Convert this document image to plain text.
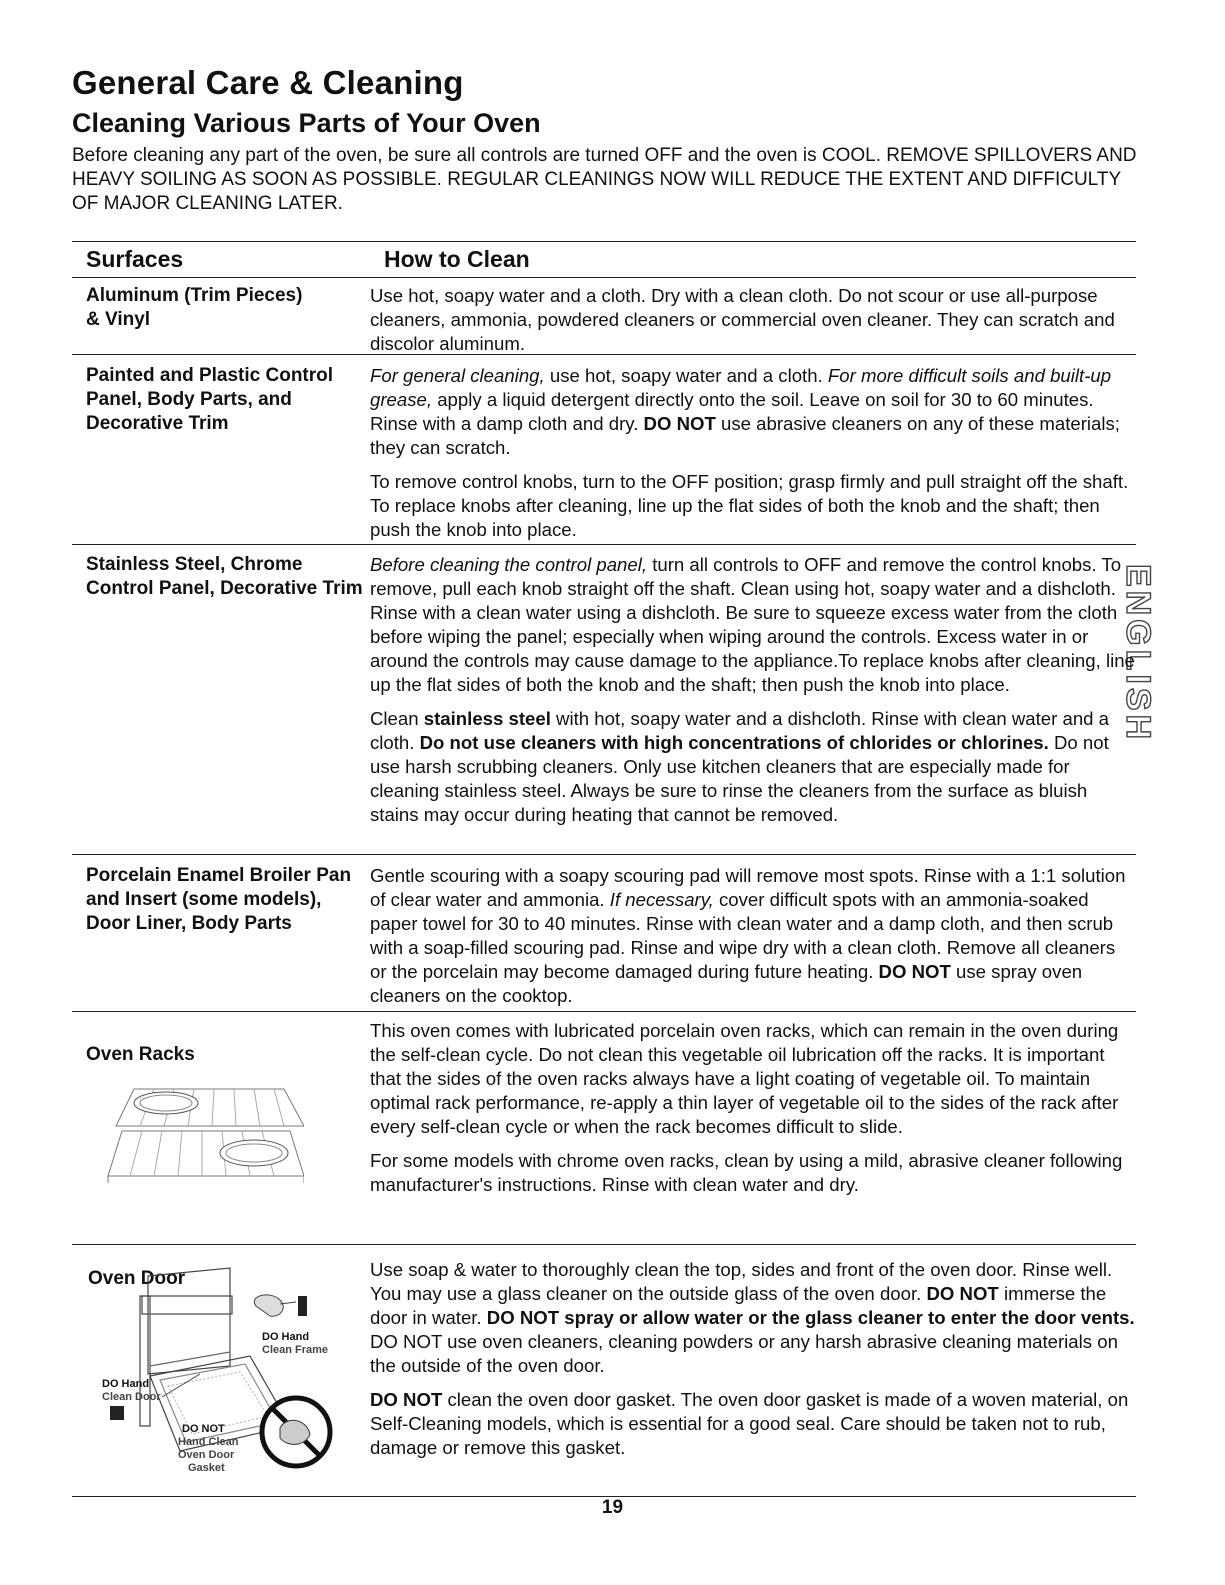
General Care & Cleaning
Cleaning Various Parts of Your Oven

Before cleaning any part of the oven, be sure all controls are turned OFF and the oven is COOL. REMOVE SPILLOVERS AND HEAVY SOILING AS SOON AS POSSIBLE. REGULAR CLEANINGS NOW WILL REDUCE THE EXTENT AND DIFFICULTY OF MAJOR CLEANING LATER.

ENGLISH
Surfaces	How to Clean
Aluminum (Trim Pieces)
& Vinyl

Use hot, soapy water and a cloth. Dry with a clean cloth. Do not scour or use all-purpose cleaners, ammonia, powdered cleaners or commercial oven cleaner. They can scratch and discolor aluminum.

Painted and Plastic Control Panel, Body Parts, and Decorative Trim

For general cleaning, use hot, soapy water and a cloth. For more difficult soils and built-up grease, apply a liquid detergent directly onto the soil. Leave on soil for 30 to 60 minutes. Rinse with a damp cloth and dry. DO NOT use abrasive cleaners on any of these materials; they can scratch.

To remove control knobs, turn to the OFF position; grasp firmly and pull straight off the shaft. To replace knobs after cleaning, line up the flat sides of both the knob and the shaft; then push the knob into place.

Stainless Steel, Chrome Control Panel, Decorative Trim

Before cleaning the control panel, turn all controls to OFF and remove the control knobs. To remove, pull each knob straight off the shaft. Clean using hot, soapy water and a dishcloth. Rinse with a clean water using a dishcloth. Be sure to squeeze excess water from the cloth before wiping the panel; especially when wiping around the controls. Excess water in or around the controls may cause damage to the appliance.To replace knobs after cleaning, line up the flat sides of both the knob and the shaft; then push the knob into place.

Clean stainless steel with hot, soapy water and a dishcloth. Rinse with clean water and a cloth. Do not use cleaners with high concentrations of chlorides or chlorines. Do not use harsh scrubbing cleaners. Only use kitchen cleaners that are especially made for cleaning stainless steel. Always be sure to rinse the cleaners from the surface as bluish stains may occur during heating that cannot be removed.

Porcelain Enamel Broiler Pan and Insert (some models), Door Liner, Body Parts

Gentle scouring with a soapy scouring pad will remove most spots. Rinse with a 1:1 solution of clear water and ammonia. If necessary, cover difficult spots with an ammonia-soaked paper towel for 30 to 40 minutes. Rinse with clean water and a damp cloth, and then scrub with a soap-filled scouring pad. Rinse and wipe dry with a clean cloth. Remove all cleaners or the porcelain may become damaged during future heating. DO NOT use spray oven cleaners on the cooktop.

Oven Racks

This oven comes with lubricated porcelain oven racks, which can remain in the oven during the self-clean cycle. Do not clean this vegetable oil lubrication off the racks. It is important that the sides of the oven racks always have a light coating of vegetable oil. To maintain optimal rack performance, re-apply a thin layer of vegetable oil to the sides of the rack after every self-clean cycle or when the rack becomes difficult to slide.

For some models with chrome oven racks, clean by using a mild, abrasive cleaner following manufacturer's instructions. Rinse with clean water and dry.

Oven Door
DO Hand
Clean Frame
DO Hand
Clean Door
DO NOT
Hand Clean
Oven Door
Gasket

Use soap & water to thoroughly clean the top, sides and front of the oven door. Rinse well. You may use a glass cleaner on the outside glass of the oven door. DO NOT immerse the door in water. DO NOT spray or allow water or the glass cleaner to enter the door vents. DO NOT use oven cleaners, cleaning powders or any harsh abrasive cleaning materials on the outside of the oven door.

DO NOT clean the oven door gasket. The oven door gasket is made of a woven material, on Self-Cleaning models, which is essential for a good seal. Care should be taken not to rub, damage or remove this gasket.

19
